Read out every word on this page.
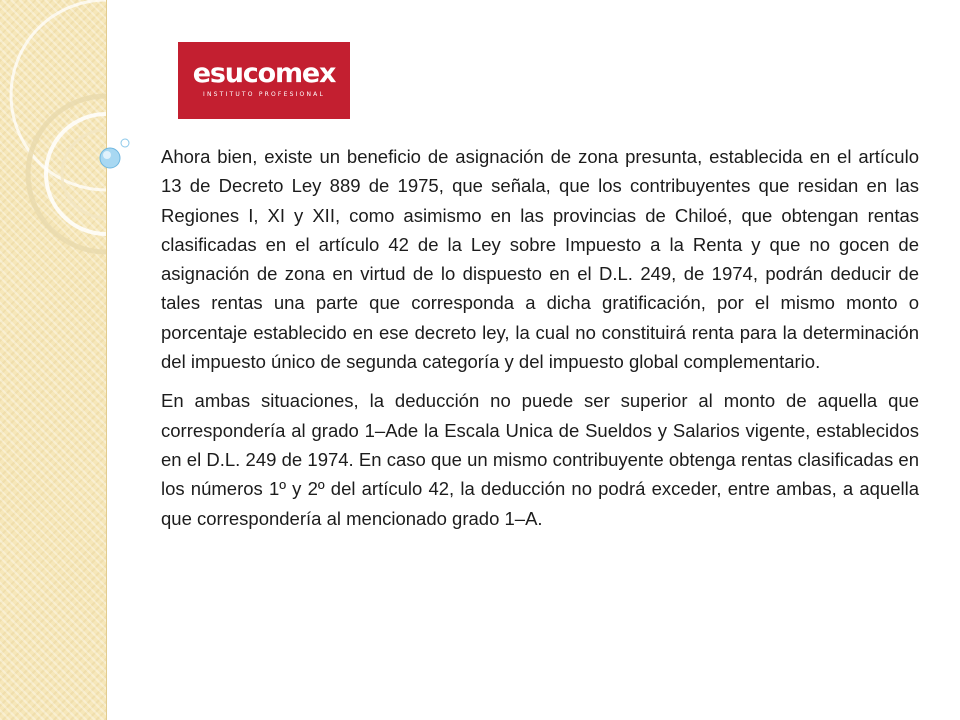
esucomex
INSTITUTO PROFESIONAL

Ahora bien, existe un beneficio de asignación de zona presunta, establecida en el artículo 13 de Decreto Ley 889 de 1975, que señala, que los contribuyentes que residan en las Regiones I, XI y XII, como asimismo en las provincias de Chiloé, que obtengan rentas clasificadas en el artículo 42 de la Ley sobre Impuesto a la Renta y que no gocen de asignación de zona en virtud de lo dispuesto en el D.L. 249, de 1974, podrán deducir de tales rentas una parte que corresponda a dicha gratificación, por el mismo monto o porcentaje establecido en ese decreto ley, la cual no constituirá renta para la determinación del impuesto único de segunda categoría y del impuesto global complementario.

En ambas situaciones, la deducción no puede ser superior al monto de aquella que correspondería al grado 1–Ade la Escala Unica de Sueldos y Salarios vigente, establecidos en el D.L. 249 de 1974. En caso que un mismo contribuyente obtenga rentas clasificadas en los números 1º y 2º del artículo 42, la deducción no podrá exceder, entre ambas, a aquella que correspondería al mencionado grado 1–A.
